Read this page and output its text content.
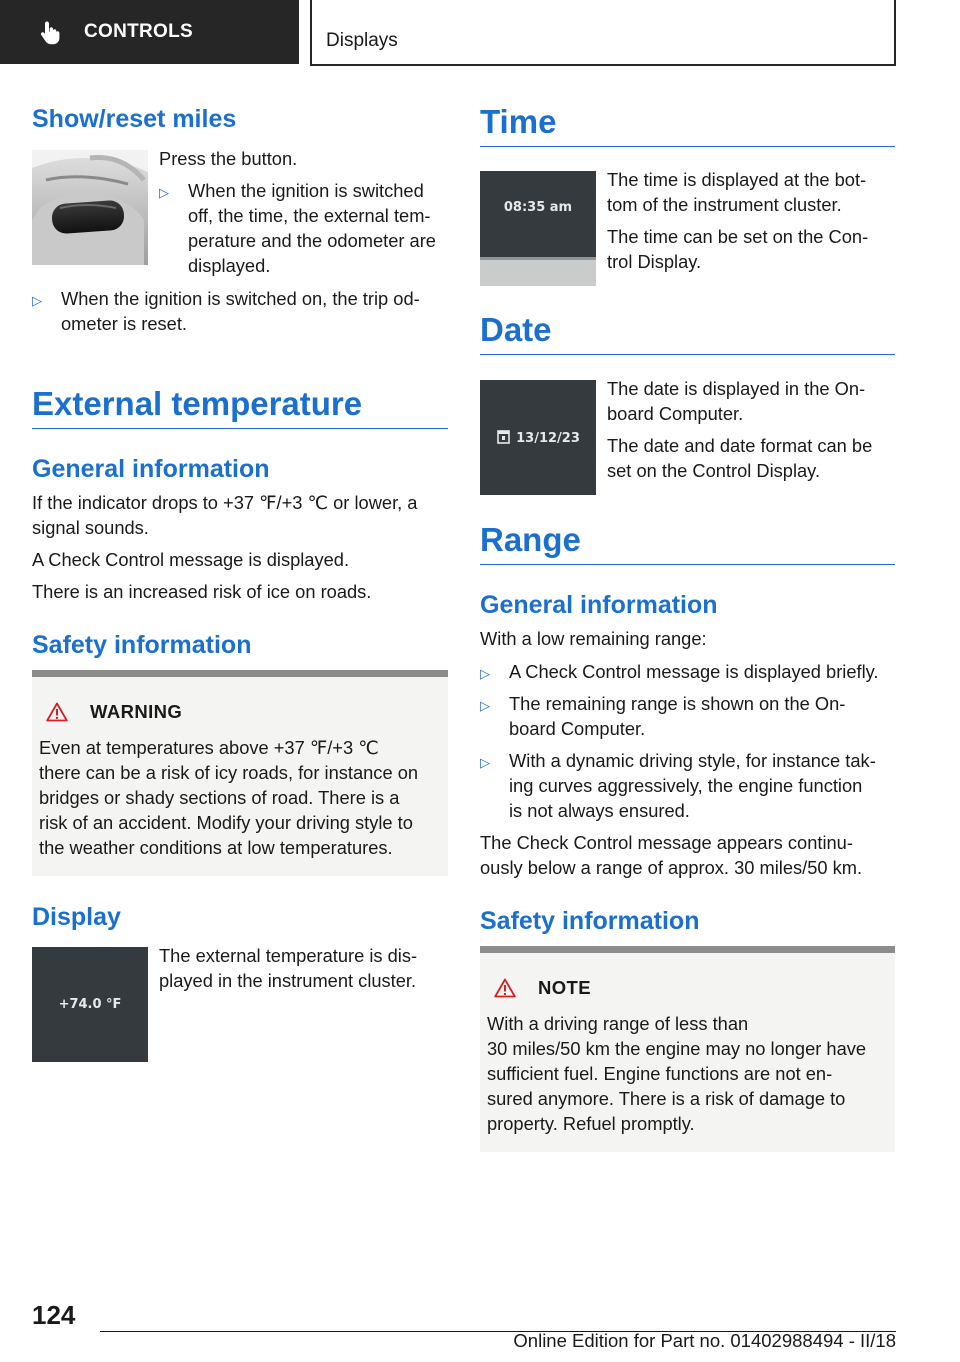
CONTROLS	Displays
Show/reset miles
Press the button.
▷ When the ignition is switched
off, the time, the external tem-
perature and the odometer are
displayed.
▷ When the ignition is switched on, the trip od-
ometer is reset.
External temperature
General information
If the indicator drops to +37 ℉/+3 ℃ or lower, a
signal sounds.
A Check Control message is displayed.
There is an increased risk of ice on roads.
Safety information
WARNING
Even at temperatures above +37 ℉/+3 ℃
there can be a risk of icy roads, for instance on
bridges or shady sections of road. There is a
risk of an accident. Modify your driving style to
the weather conditions at low temperatures.
Display
+74.0 °F
The external temperature is dis-
played in the instrument cluster.
Time
08:35 am
The time is displayed at the bot-
tom of the instrument cluster.
The time can be set on the Con-
trol Display.
Date
13/12/23
The date is displayed in the On-
board Computer.
The date and date format can be
set on the Control Display.
Range
General information
With a low remaining range:
▷ A Check Control message is displayed briefly.
▷ The remaining range is shown on the On-
board Computer.
▷ With a dynamic driving style, for instance tak-
ing curves aggressively, the engine function
is not always ensured.
The Check Control message appears continu-
ously below a range of approx. 30 miles/50 km.
Safety information
NOTE
With a driving range of less than
30 miles/50 km the engine may no longer have
sufficient fuel. Engine functions are not en-
sured anymore. There is a risk of damage to
property. Refuel promptly.
124
Online Edition for Part no. 01402988494 - II/18
